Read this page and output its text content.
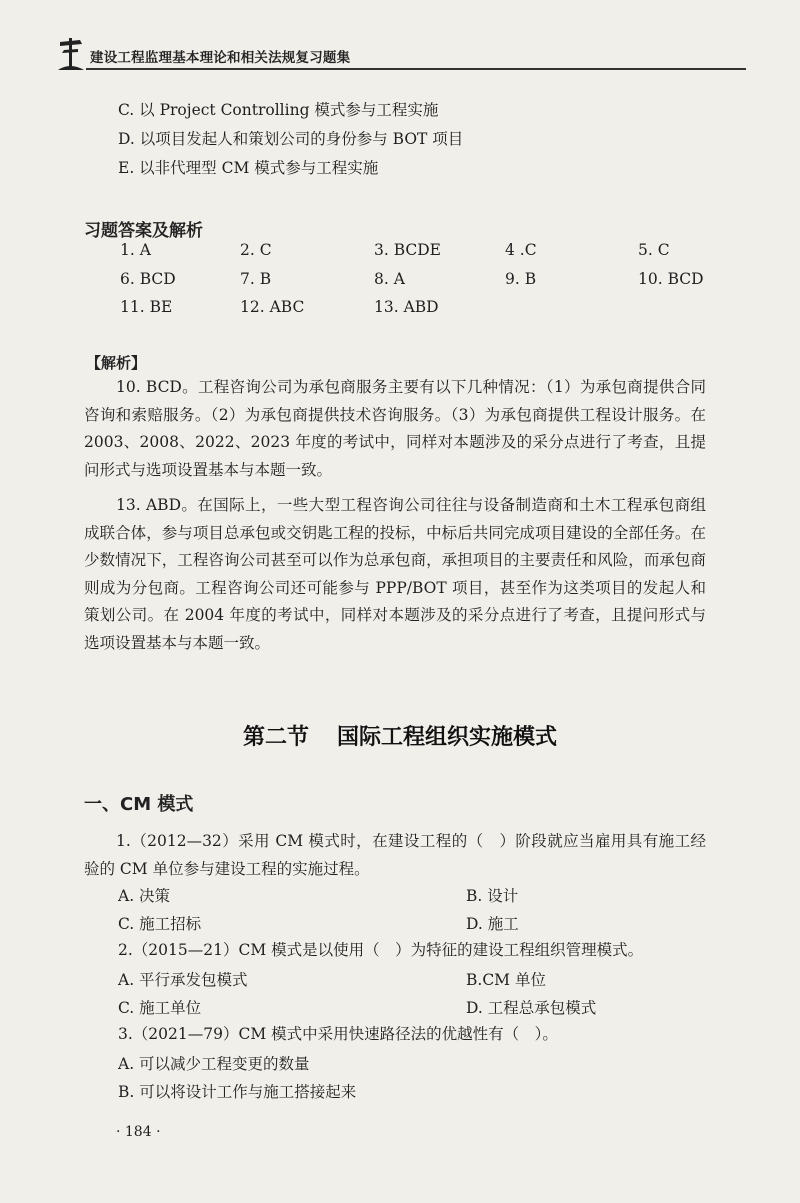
建设工程监理基本理论和相关法规复习题集
C. 以 Project Controlling 模式参与工程实施
D. 以项目发起人和策划公司的身份参与 BOT 项目
E. 以非代理型 CM 模式参与工程实施
习题答案及解析
1. A	2. C	3. BCDE	4 .C	5. C
6. BCD	7. B	8. A	9. B	10. BCD
11. BE	12. ABC	13. ABD
【解析】
10. BCD。工程咨询公司为承包商服务主要有以下几种情况：（1）为承包商提供合同咨询和索赔服务。（2）为承包商提供技术咨询服务。（3）为承包商提供工程设计服务。在 2003、2008、2022、2023 年度的考试中，同样对本题涉及的采分点进行了考查，且提问形式与选项设置基本与本题一致。
13. ABD。在国际上，一些大型工程咨询公司往往与设备制造商和土木工程承包商组成联合体，参与项目总承包或交钥匙工程的投标，中标后共同完成项目建设的全部任务。在少数情况下，工程咨询公司甚至可以作为总承包商，承担项目的主要责任和风险，而承包商则成为分包商。工程咨询公司还可能参与 PPP/BOT 项目，甚至作为这类项目的发起人和策划公司。在 2004 年度的考试中，同样对本题涉及的采分点进行了考查，且提问形式与选项设置基本与本题一致。
第二节 国际工程组织实施模式
一、CM 模式
1.（2012—32）采用 CM 模式时，在建设工程的（　）阶段就应当雇用具有施工经验的 CM 单位参与建设工程的实施过程。
A. 决策	B. 设计
C. 施工招标	D. 施工
2.（2015—21）CM 模式是以使用（　）为特征的建设工程组织管理模式。
A. 平行承发包模式	B.CM 单位
C. 施工单位	D. 工程总承包模式
3.（2021—79）CM 模式中采用快速路径法的优越性有（　）。
A. 可以减少工程变更的数量
B. 可以将设计工作与施工搭接起来
· 184 ·
